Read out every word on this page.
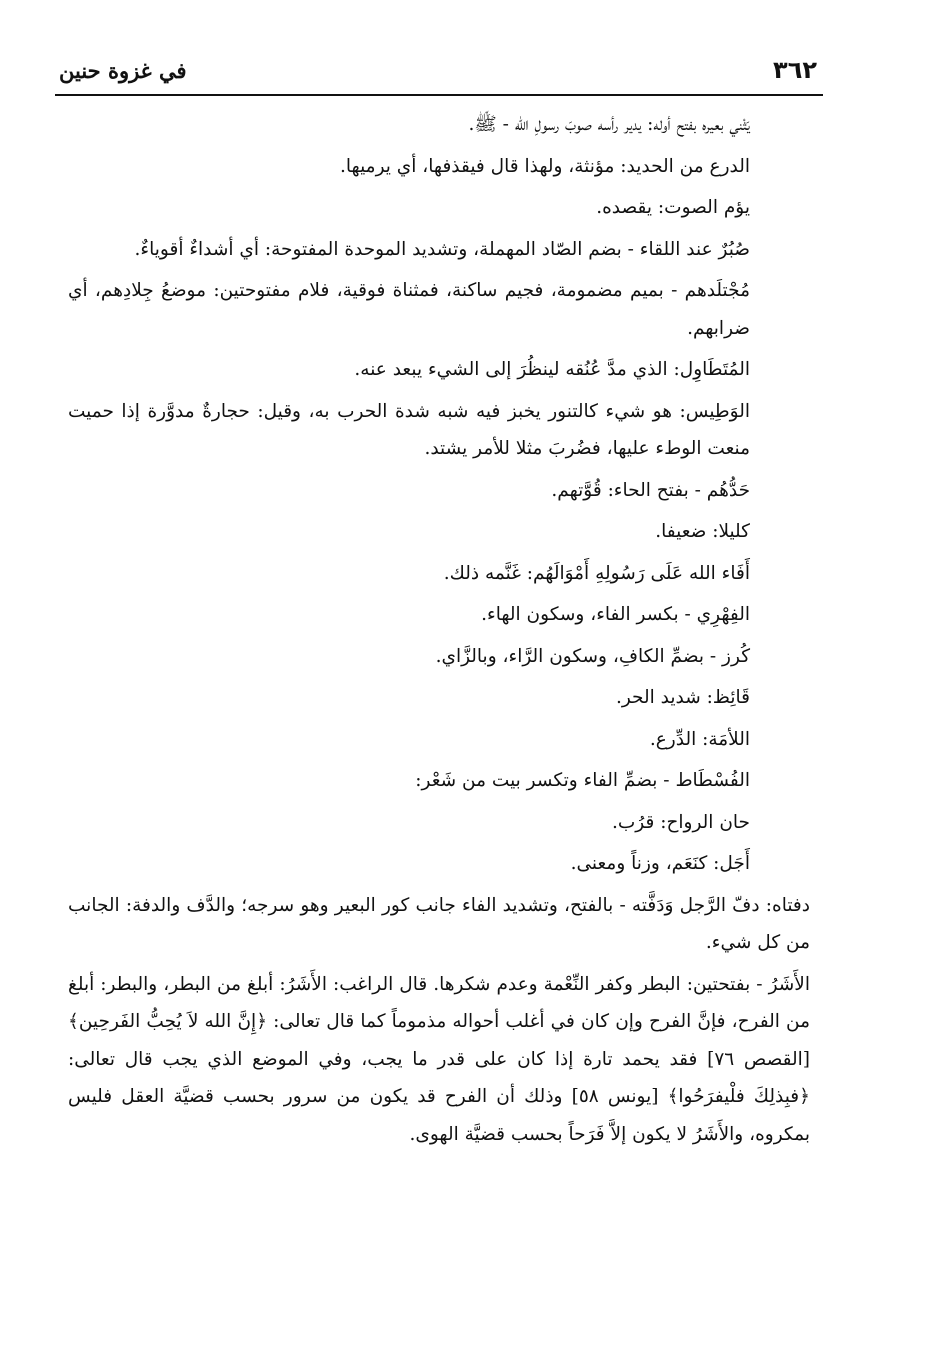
٣٦٢
في غزوة حنين

يَثْني بعيره بفتح أوله: يدير رأسه صوبَ رسولِ الله - ﷺ.

الدرع من الحديد: مؤنثة، ولهذا قال فيقذفها، أي يرميها.

يؤم الصوت: يقصده.

صُبُرٌ عند اللقاء - بضم الصّاد المهملة، وتشديد الموحدة المفتوحة: أي أشداءٌ أقوياءٌ.

مُجْتلَدهم - بميم مضمومة، فجيم ساكنة، فمثناة فوقية، فلام مفتوحتين: موضعُ جِلادِهم، أي ضرابهم.

المُتَطَاوِل: الذي مدَّ عُنُقه لينظُرَ إلى الشيء يبعد عنه.

الوَطِيس: هو شيء كالتنور يخبز فيه شبه شدة الحرب به، وقيل: حجارةٌ مدوَّرة إذا حميت منعت الوطء عليها، فضُربَ مثلا للأمر يشتد.

حَدُّهُم - بفتح الحاء: قُوَّتهم.

كليلا: ضعيفا.

أَفَاء الله عَلَى رَسُولِهِ أَمْوَالَهُم: غَنَّمه ذلك.

الفِهْرِي - بكسر الفاء، وسكون الهاء.

كُرز - بضمِّ الكافِ، وسكون الرَّاء، وبالزَّاي.

قَائِظ: شديد الحر.

اللأمَة: الدِّرع.

الفُسْطَاط - بضمِّ الفاء وتكسر بيت من شَعْر:

حان الرواح: قرُب.

أَجَل: كنَعَم، وزناً ومعنى.

دفتاه: دفّ الرَّجل وَدَفَّته - بالفتح، وتشديد الفاء جانب كور البعير وهو سرجه؛ والدَّف والدفة: الجانب من كل شيء.

الأَشَرُ - بفتحتين: البطر وكفر النِّعْمة وعدم شكرها. قال الراغب: الأَشَرُ: أبلغ من البطر، والبطر: أبلغ من الفرح، فإنَّ الفرح وإن كان في أغلب أحواله مذموماً كما قال تعالى: ﴿إِنَّ الله لاَ يُحِبُّ الفَرحِين﴾ [القصص ٧٦] فقد يحمد تارة إذا كان على قدر ما يجب، وفي الموضع الذي يجب قال تعالى: ﴿فبِذلِكَ فلْيفرَحُوا﴾ [يونس ٥٨] وذلك أن الفرح قد يكون من سرور بحسب قضيَّة العقل فليس بمكروه، والأَشَرُ لا يكون إلاَّ فَرَحاً بحسب قضيَّة الهوى.
